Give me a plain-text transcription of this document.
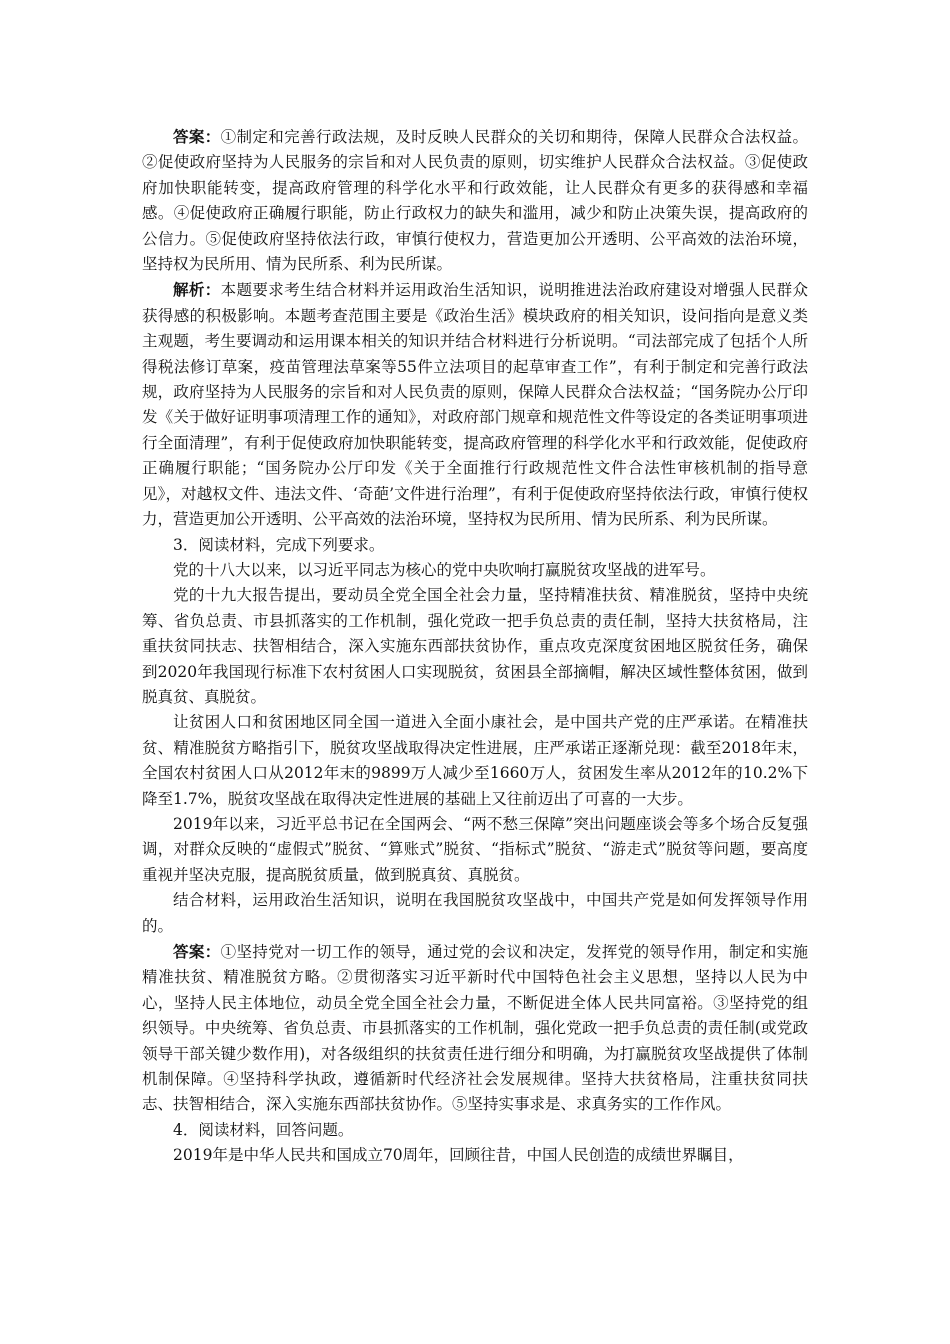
答案：①制定和完善行政法规，及时反映人民群众的关切和期待，保障人民群众合法权益。②促使政府坚持为人民服务的宗旨和对人民负责的原则，切实维护人民群众合法权益。③促使政府加快职能转变，提高政府管理的科学化水平和行政效能，让人民群众有更多的获得感和幸福感。④促使政府正确履行职能，防止行政权力的缺失和滥用，减少和防止决策失误，提高政府的公信力。⑤促使政府坚持依法行政，审慎行使权力，营造更加公开透明、公平高效的法治环境，坚持权为民所用、情为民所系、利为民所谋。

解析：本题要求考生结合材料并运用政治生活知识，说明推进法治政府建设对增强人民群众获得感的积极影响。本题考查范围主要是《政治生活》模块政府的相关知识，设问指向是意义类主观题，考生要调动和运用课本相关的知识并结合材料进行分析说明。“司法部完成了包括个人所得税法修订草案，疫苗管理法草案等55件立法项目的起草审查工作”，有利于制定和完善行政法规，政府坚持为人民服务的宗旨和对人民负责的原则，保障人民群众合法权益；“国务院办公厅印发《关于做好证明事项清理工作的通知》，对政府部门规章和规范性文件等设定的各类证明事项进行全面清理”，有利于促使政府加快职能转变，提高政府管理的科学化水平和行政效能，促使政府正确履行职能；“国务院办公厅印发《关于全面推行行政规范性文件合法性审核机制的指导意见》，对越权文件、违法文件、‘奇葩’文件进行治理”，有利于促使政府坚持依法行政，审慎行使权力，营造更加公开透明、公平高效的法治环境，坚持权为民所用、情为民所系、利为民所谋。

3．阅读材料，完成下列要求。

党的十八大以来，以习近平同志为核心的党中央吹响打赢脱贫攻坚战的进军号。

党的十九大报告提出，要动员全党全国全社会力量，坚持精准扶贫、精准脱贫，坚持中央统筹、省负总责、市县抓落实的工作机制，强化党政一把手负总责的责任制，坚持大扶贫格局，注重扶贫同扶志、扶智相结合，深入实施东西部扶贫协作，重点攻克深度贫困地区脱贫任务，确保到2020年我国现行标准下农村贫困人口实现脱贫，贫困县全部摘帽，解决区域性整体贫困，做到脱真贫、真脱贫。

让贫困人口和贫困地区同全国一道进入全面小康社会，是中国共产党的庄严承诺。在精准扶贫、精准脱贫方略指引下，脱贫攻坚战取得决定性进展，庄严承诺正逐渐兑现：截至2018年末，全国农村贫困人口从2012年末的9899万人减少至1660万人，贫困发生率从2012年的10.2%下降至1.7%，脱贫攻坚战在取得决定性进展的基础上又往前迈出了可喜的一大步。

2019年以来，习近平总书记在全国两会、“两不愁三保障”突出问题座谈会等多个场合反复强调，对群众反映的“虚假式”脱贫、“算账式”脱贫、“指标式”脱贫、“游走式”脱贫等问题，要高度重视并坚决克服，提高脱贫质量，做到脱真贫、真脱贫。

结合材料，运用政治生活知识，说明在我国脱贫攻坚战中，中国共产党是如何发挥领导作用的。

答案：①坚持党对一切工作的领导，通过党的会议和决定，发挥党的领导作用，制定和实施精准扶贫、精准脱贫方略。②贯彻落实习近平新时代中国特色社会主义思想，坚持以人民为中心，坚持人民主体地位，动员全党全国全社会力量，不断促进全体人民共同富裕。③坚持党的组织领导。中央统筹、省负总责、市县抓落实的工作机制，强化党政一把手负总责的责任制(或党政领导干部关键少数作用)，对各级组织的扶贫责任进行细分和明确，为打赢脱贫攻坚战提供了体制机制保障。④坚持科学执政，遵循新时代经济社会发展规律。坚持大扶贫格局，注重扶贫同扶志、扶智相结合，深入实施东西部扶贫协作。⑤坚持实事求是、求真务实的工作作风。

4．阅读材料，回答问题。

2019年是中华人民共和国成立70周年，回顾往昔，中国人民创造的成绩世界瞩目，
